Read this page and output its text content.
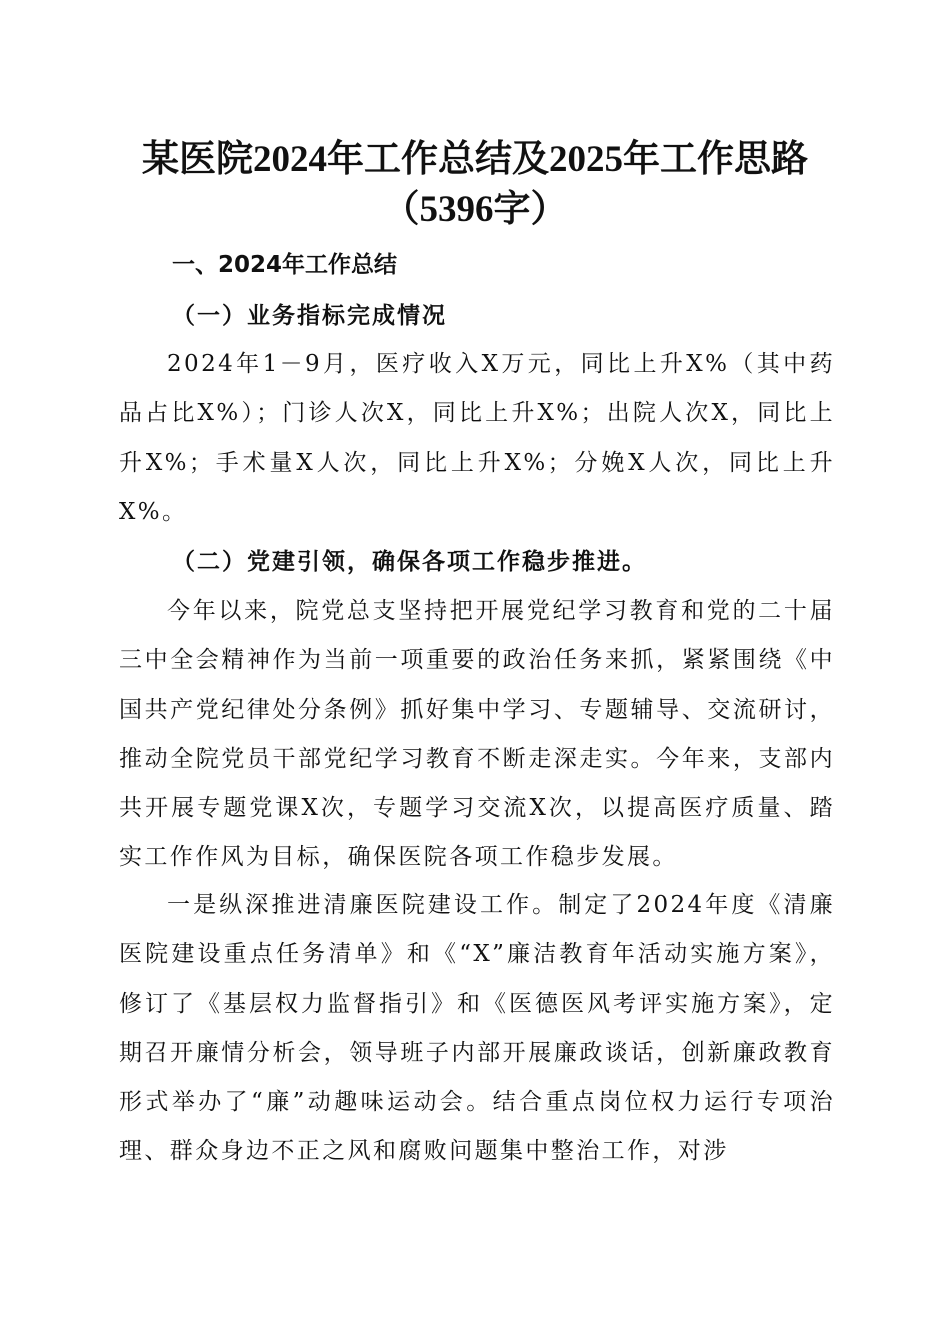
某医院2024年工作总结及2025年工作思路
（5396字）
一、2024年工作总结
（一）业务指标完成情况

2024年1－9月，医疗收入X万元，同比上升X%（其中药品占比X%）；门诊人次X，同比上升X%；出院人次X，同比上升X%；手术量X人次，同比上升X%；分娩X人次，同比上升X%。

（二）党建引领，确保各项工作稳步推进。

今年以来，院党总支坚持把开展党纪学习教育和党的二十届三中全会精神作为当前一项重要的政治任务来抓，紧紧围绕《中国共产党纪律处分条例》抓好集中学习、专题辅导、交流研讨，推动全院党员干部党纪学习教育不断走深走实。今年来，支部内共开展专题党课X次，专题学习交流X次，以提高医疗质量、踏实工作作风为目标，确保医院各项工作稳步发展。

一是纵深推进清廉医院建设工作。制定了2024年度《清廉医院建设重点任务清单》和《“X”廉洁教育年活动实施方案》，修订了《基层权力监督指引》和《医德医风考评实施方案》，定期召开廉情分析会，领导班子内部开展廉政谈话，创新廉政教育形式举办了“廉”动趣味运动会。结合重点岗位权力运行专项治理、群众身边不正之风和腐败问题集中整治工作，对涉
